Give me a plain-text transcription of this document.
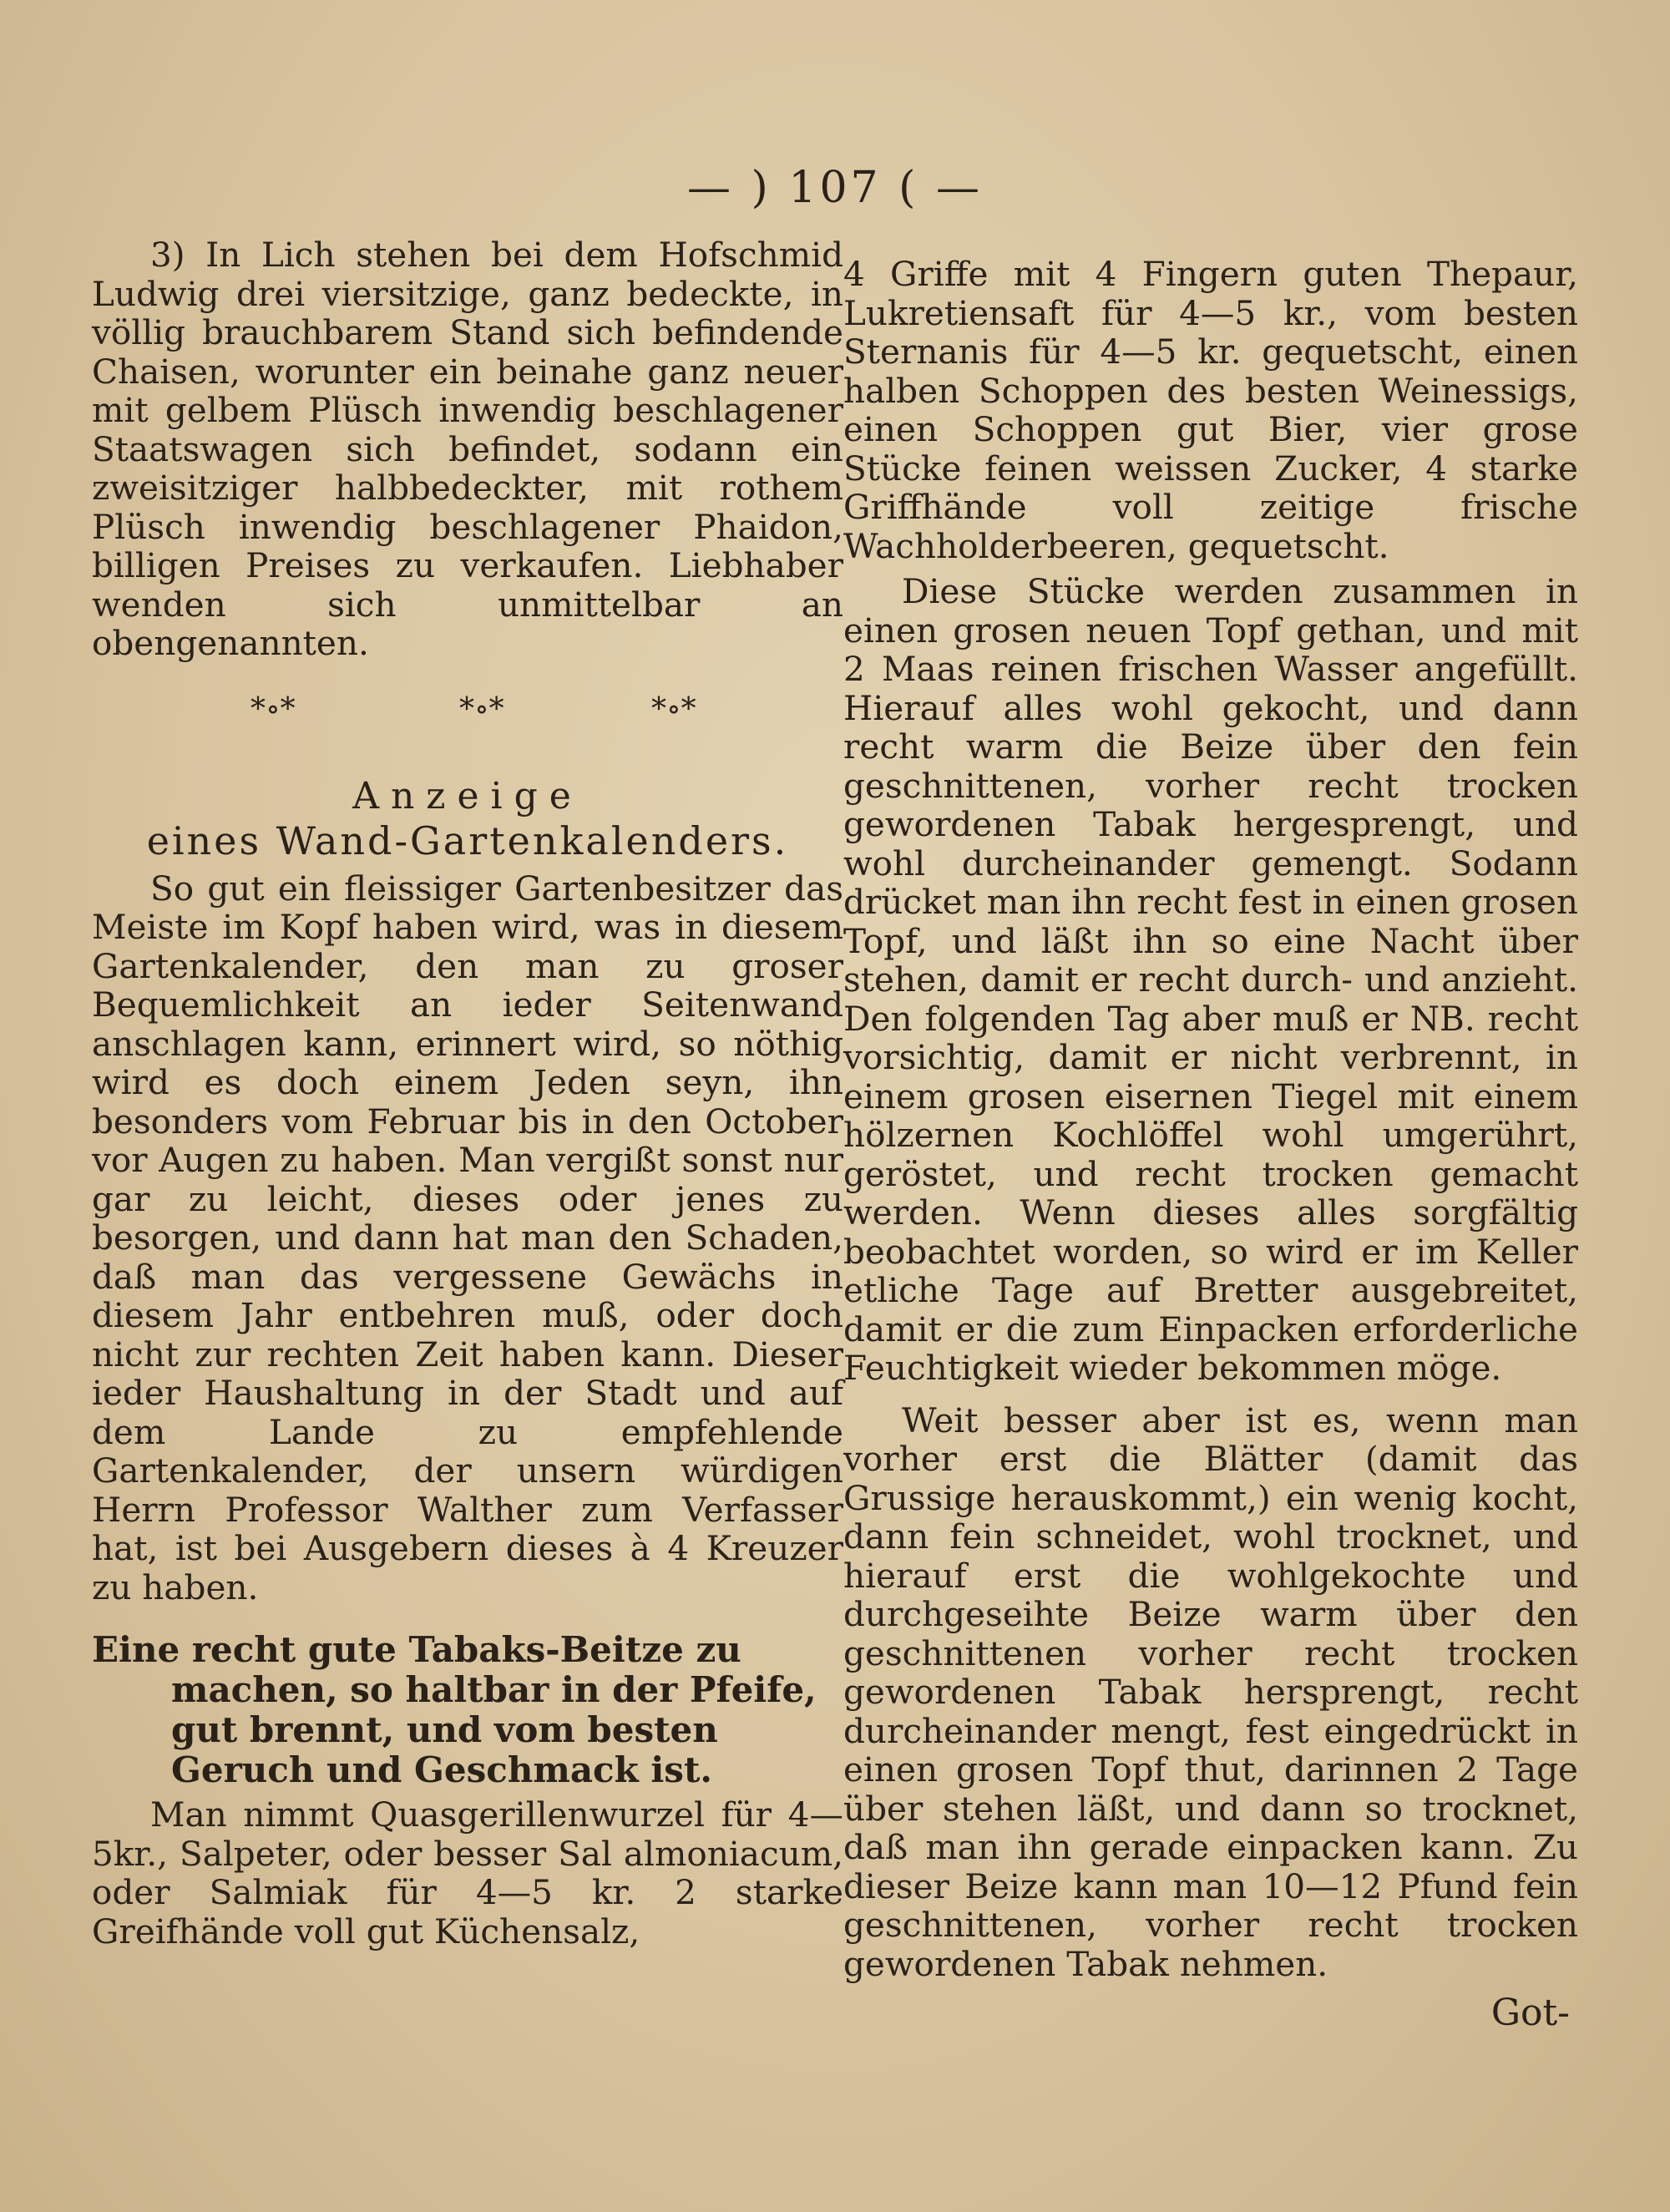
— ) 107 ( —

3) In Lich stehen bei dem Hofschmid Ludwig drei viersitzige, ganz bedeckte, in völlig brauchbarem Stand sich befindende Chaisen, worunter ein beinahe ganz neuer mit gelbem Plüsch inwendig beschlagener Staatswagen sich befindet, sodann ein zweisitziger halbbedeckter, mit rothem Plüsch inwendig beschlagener Phaidon, billigen Preises zu verkaufen. Liebhaber wenden sich unmittelbar an obengenannten.

*∘*	*∘*	*∘*
Anzeige
eines Wand-Gartenkalenders.

So gut ein fleissiger Gartenbesitzer das Meiste im Kopf haben wird, was in diesem Gartenkalender, den man zu groser Bequemlichkeit an ieder Seitenwand anschlagen kann, erinnert wird, so nöthig wird es doch einem Jeden seyn, ihn besonders vom Februar bis in den October vor Augen zu haben. Man vergißt sonst nur gar zu leicht, dieses oder jenes zu besorgen, und dann hat man den Schaden, daß man das vergessene Gewächs in diesem Jahr entbehren muß, oder doch nicht zur rechten Zeit haben kann. Dieser ieder Haushaltung in der Stadt und auf dem Lande zu empfehlende Gartenkalender, der unsern würdigen Herrn Professor Walther zum Verfasser hat, ist bei Ausgebern dieses à 4 Kreuzer zu haben.

Eine recht gute Tabaks-Beitze zu machen, so haltbar in der Pfeife, gut brennt, und vom besten Geruch und Geschmack ist.

Man nimmt Quasgerillenwurzel für 4—5kr., Salpeter, oder besser Sal almoniacum, oder Salmiak für 4—5 kr. 2 starke Greifhände voll gut Küchensalz,

4 Griffe mit 4 Fingern guten Thepaur, Lukretiensaft für 4—5 kr., vom besten Sternanis für 4—5 kr. gequetscht, einen halben Schoppen des besten Weinessigs, einen Schoppen gut Bier, vier grose Stücke feinen weissen Zucker, 4 starke Griffhände voll zeitige frische Wachholderbeeren, gequetscht.

Diese Stücke werden zusammen in einen grosen neuen Topf gethan, und mit 2 Maas reinen frischen Wasser angefüllt. Hierauf alles wohl gekocht, und dann recht warm die Beize über den fein geschnittenen, vorher recht trocken gewordenen Tabak hergesprengt, und wohl durcheinander gemengt. Sodann drücket man ihn recht fest in einen grosen Topf, und läßt ihn so eine Nacht über stehen, damit er recht durch- und anzieht. Den folgenden Tag aber muß er NB. recht vorsichtig, damit er nicht verbrennt, in einem grosen eisernen Tiegel mit einem hölzernen Kochlöffel wohl umgerührt, geröstet, und recht trocken gemacht werden. Wenn dieses alles sorgfältig beobachtet worden, so wird er im Keller etliche Tage auf Bretter ausgebreitet, damit er die zum Einpacken erforderliche Feuchtigkeit wieder bekommen möge.

Weit besser aber ist es, wenn man vorher erst die Blätter (damit das Grussige herauskommt,) ein wenig kocht, dann fein schneidet, wohl trocknet, und hierauf erst die wohlgekochte und durchgeseihte Beize warm über den geschnittenen vorher recht trocken gewordenen Tabak hersprengt, recht durcheinander mengt, fest eingedrückt in einen grosen Topf thut, darinnen 2 Tage über stehen läßt, und dann so trocknet, daß man ihn gerade einpacken kann. Zu dieser Beize kann man 10—12 Pfund fein geschnittenen, vorher recht trocken gewordenen Tabak nehmen.

Got-
